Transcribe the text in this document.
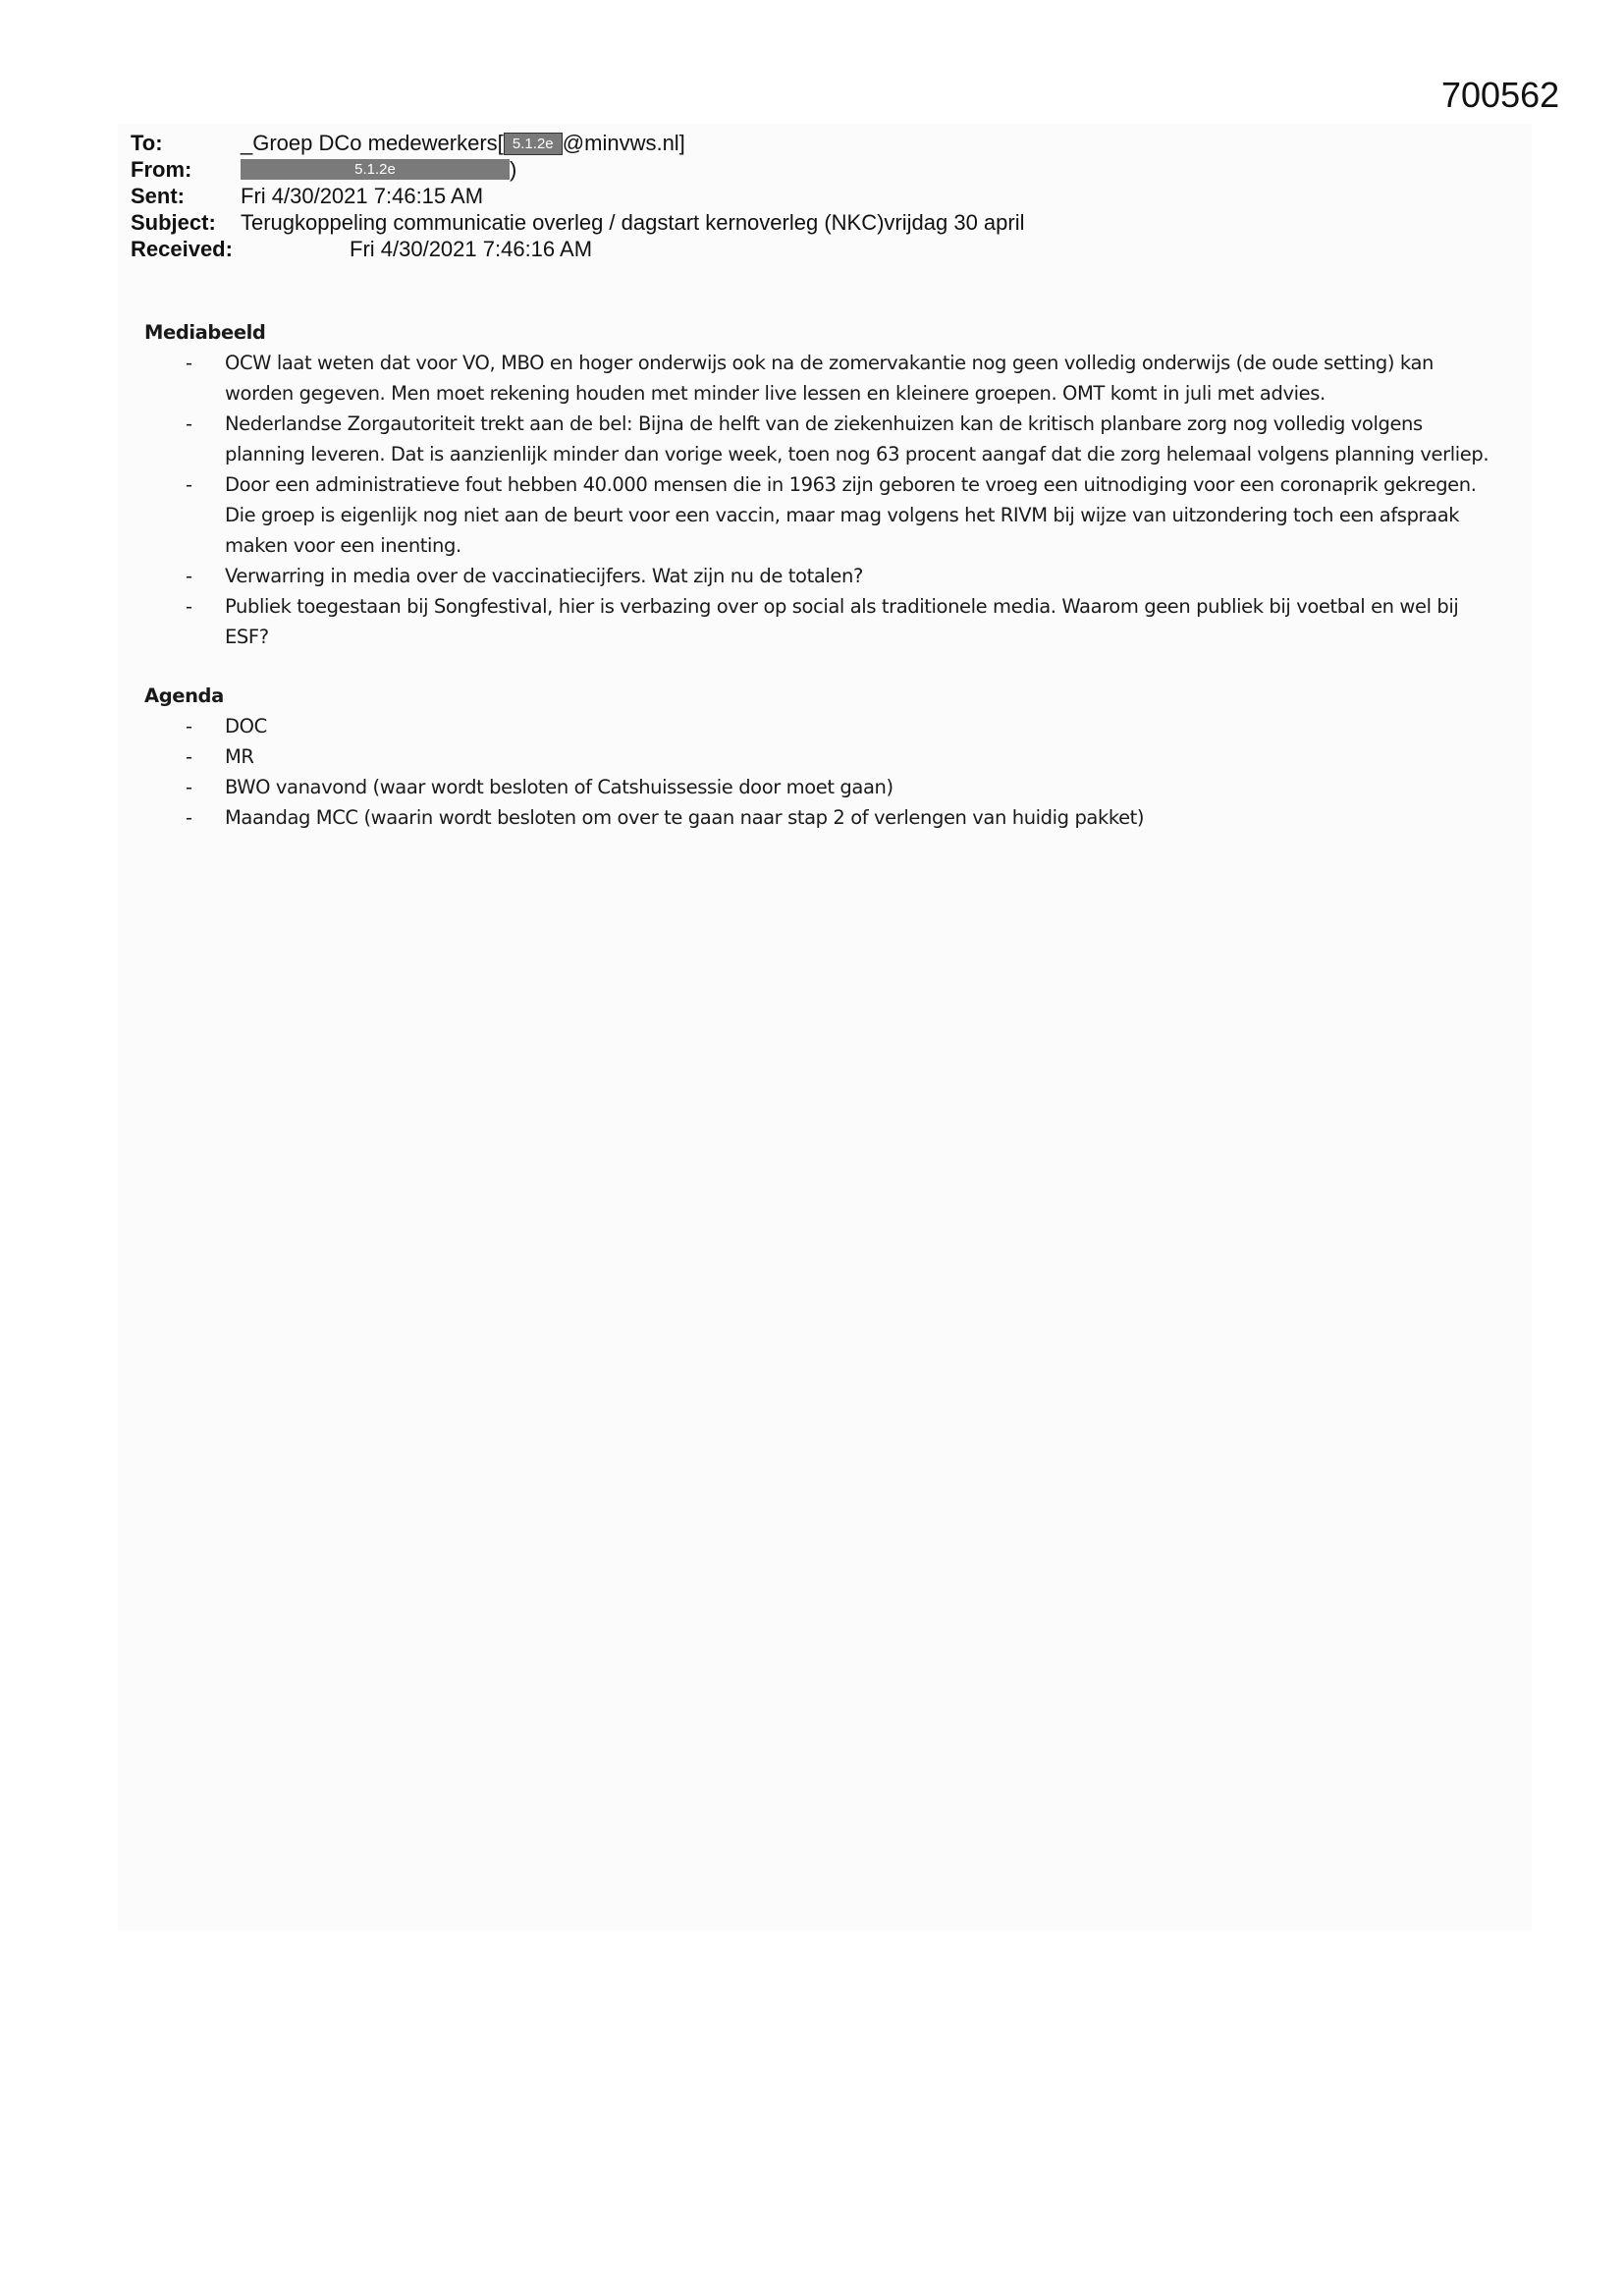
700562
To:	_Groep DCo medewerkers[ 5.1.2e @minvws.nl]
From:	5.1.2e	)
Sent:	Fri 4/30/2021 7:46:15 AM
Subject: Terugkoppeling communicatie overleg / dagstart kernoverleg (NKC)vrijdag 30 april
Received:	Fri 4/30/2021 7:46:16 AM

Mediabeeld

- OCW laat weten dat voor VO, MBO en hoger onderwijs ook na de zomervakantie nog geen volledig onderwijs (de oude setting) kan worden gegeven. Men moet rekening houden met minder live lessen en kleinere groepen. OMT komt in juli met advies.
- Nederlandse Zorgautoriteit trekt aan de bel: Bijna de helft van de ziekenhuizen kan de kritisch planbare zorg nog volledig volgens planning leveren. Dat is aanzienlijk minder dan vorige week, toen nog 63 procent aangaf dat die zorg helemaal volgens planning verliep.
- Door een administratieve fout hebben 40.000 mensen die in 1963 zijn geboren te vroeg een uitnodiging voor een coronaprik gekregen. Die groep is eigenlijk nog niet aan de beurt voor een vaccin, maar mag volgens het RIVM bij wijze van uitzondering toch een afspraak maken voor een inenting.
- Verwarring in media over de vaccinatiecijfers. Wat zijn nu de totalen?
- Publiek toegestaan bij Songfestival, hier is verbazing over op social als traditionele media. Waarom geen publiek bij voetbal en wel bij ESF?

Agenda

- DOC
- MR
- BWO vanavond (waar wordt besloten of Catshuissessie door moet gaan)
- Maandag MCC (waarin wordt besloten om over te gaan naar stap 2 of verlengen van huidig pakket)
